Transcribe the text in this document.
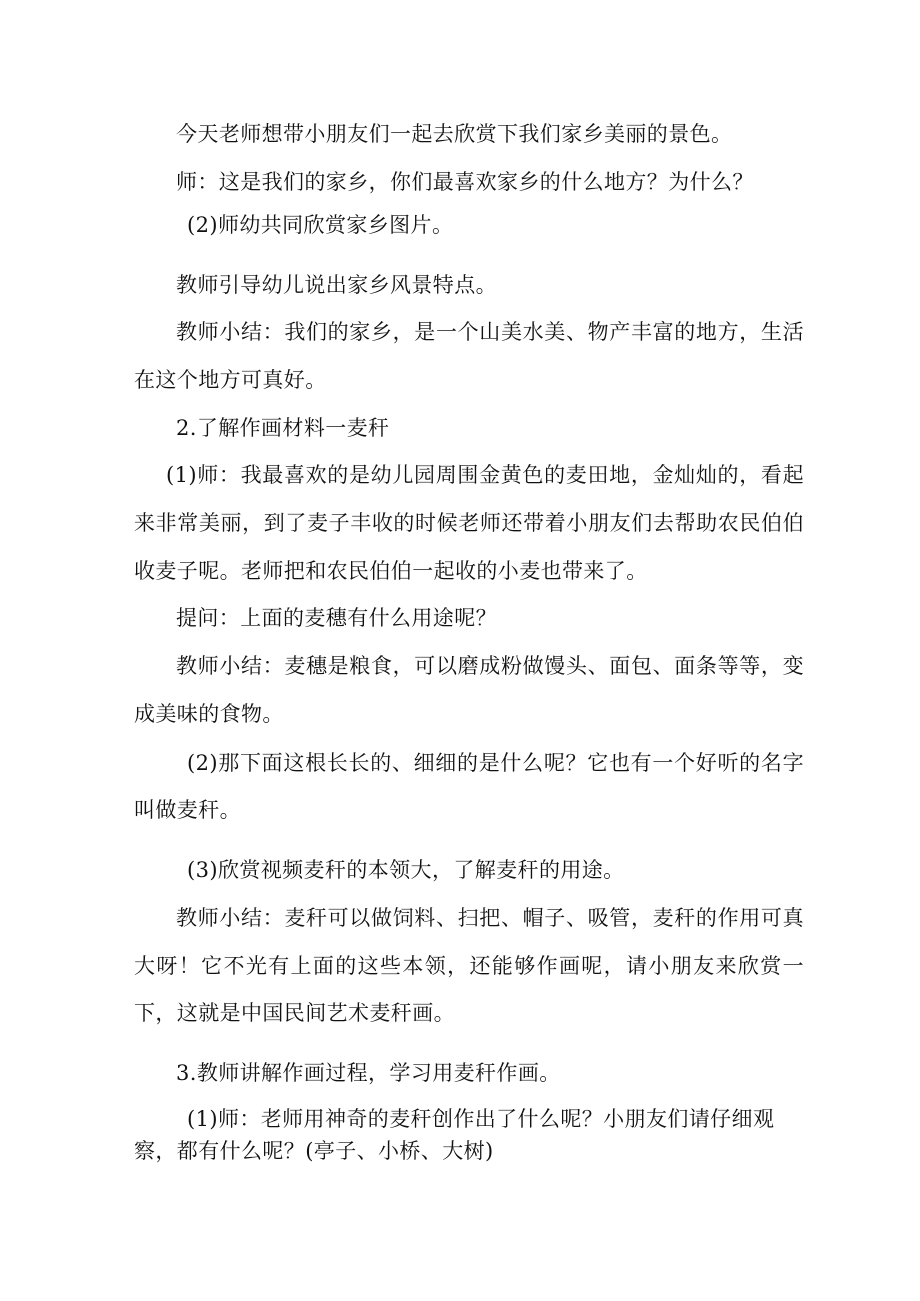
今天老师想带小朋友们一起去欣赏下我们家乡美丽的景色。
师：这是我们的家乡，你们最喜欢家乡的什么地方？为什么？
(2)师幼共同欣赏家乡图片。
教师引导幼儿说出家乡风景特点。
教师小结：我们的家乡，是一个山美水美、物产丰富的地方，生活
在这个地方可真好。
2.了解作画材料一麦秆
(1)师：我最喜欢的是幼儿园周围金黄色的麦田地，金灿灿的，看起
来非常美丽，到了麦子丰收的时候老师还带着小朋友们去帮助农民伯伯
收麦子呢。老师把和农民伯伯一起收的小麦也带来了。
提问：上面的麦穗有什么用途呢？
教师小结：麦穗是粮食，可以磨成粉做馒头、面包、面条等等，变
成美味的食物。
(2)那下面这根长长的、细细的是什么呢？它也有一个好听的名字
叫做麦秆。
(3)欣赏视频麦秆的本领大，了解麦秆的用途。
教师小结：麦秆可以做饲料、扫把、帽子、吸管，麦秆的作用可真
大呀！它不光有上面的这些本领，还能够作画呢，请小朋友来欣赏一
下，这就是中国民间艺术麦秆画。
3.教师讲解作画过程，学习用麦秆作画。
(1)师：老师用神奇的麦秆创作出了什么呢？小朋友们请仔细观
察，都有什么呢？(亭子、小桥、大树)
